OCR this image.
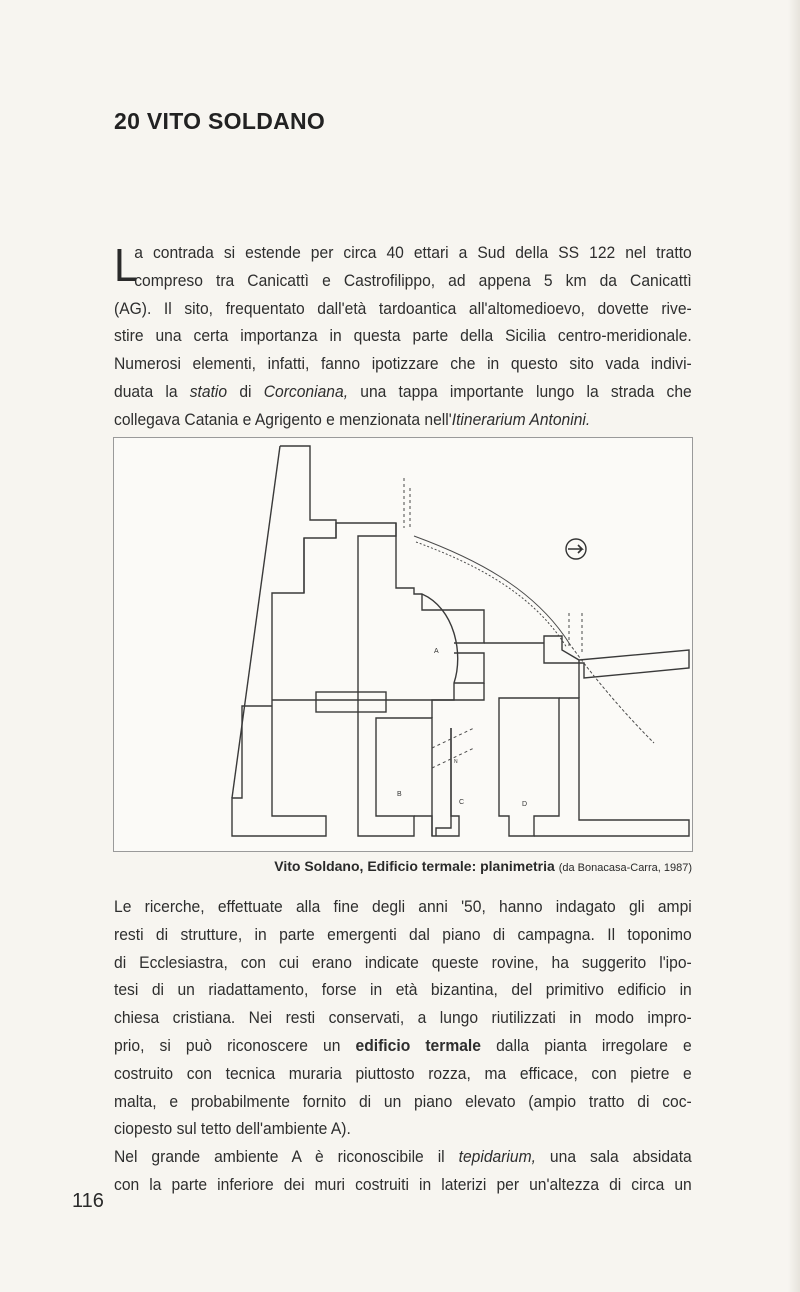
20 VITO SOLDANO
L
a contrada si estende per circa 40 ettari a Sud della SS 122 nel tratto
compreso tra Canicattì e Castrofilippo, ad appena 5 km da Canicattì
(AG). Il sito, frequentato dall'età tardoantica all'altomedioevo, dovette rive-
stire una certa importanza in questa parte della Sicilia centro-meridionale.
Numerosi elementi, infatti, fanno ipotizzare che in questo sito vada indivi-
duata la statio di Corconiana, una tappa importante lungo la strada che
collegava Catania e Agrigento e menzionata nell'Itinerarium Antonini.
A
B
C	D
N
Vito Soldano, Edificio termale: planimetria (da Bonacasa-Carra, 1987)
Le ricerche, effettuate alla fine degli anni '50, hanno indagato gli ampi
resti di strutture, in parte emergenti dal piano di campagna. Il toponimo
di Ecclesiastra, con cui erano indicate queste rovine, ha suggerito l'ipo-
tesi di un riadattamento, forse in età bizantina, del primitivo edificio in
chiesa cristiana. Nei resti conservati, a lungo riutilizzati in modo impro-
prio, si può riconoscere un edificio termale dalla pianta irregolare e
costruito con tecnica muraria piuttosto rozza, ma efficace, con pietre e
malta, e probabilmente fornito di un piano elevato (ampio tratto di coc-
ciopesto sul tetto dell'ambiente A).
Nel grande ambiente A è riconoscibile il tepidarium, una sala absidata
con la parte inferiore dei muri costruiti in laterizi per un'altezza di circa un
116
